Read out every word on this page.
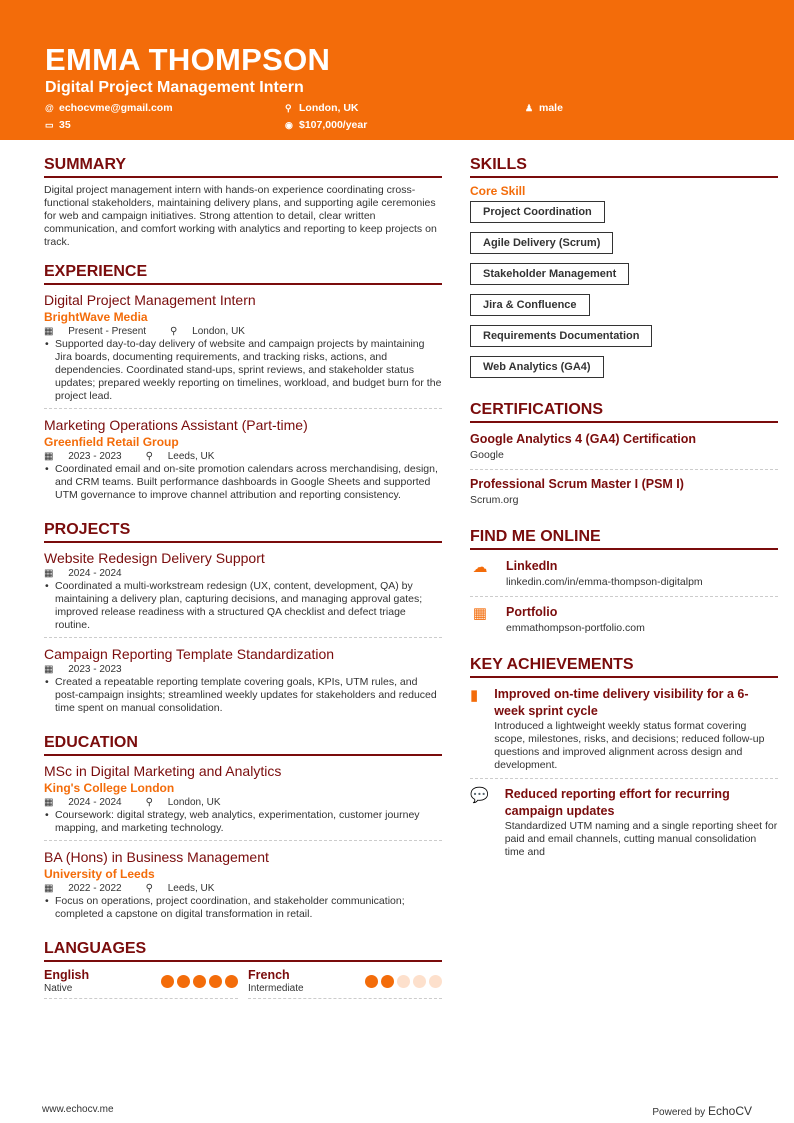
EMMA THOMPSON
Digital Project Management Intern
@ echocvme@gmail.com	⚲ London, UK	♟ male
▭ 35	◉ $107,000/year
SUMMARY
Digital project management intern with hands-on experience coordinating cross-functional stakeholders, maintaining delivery plans, and supporting agile ceremonies for web and campaign initiatives. Strong attention to detail, clear written communication, and comfort working with analytics and reporting to keep projects on track.
EXPERIENCE
Digital Project Management Intern
BrightWave Media
▦ Present - Present ⚲ London, UK
• Supported day-to-day delivery of website and campaign projects by maintaining Jira boards, documenting requirements, and tracking risks, actions, and dependencies. Coordinated stand-ups, sprint reviews, and stakeholder status updates; prepared weekly reporting on timelines, workload, and budget burn for the project lead.
Marketing Operations Assistant (Part-time)
Greenfield Retail Group
▦ 2023 - 2023 ⚲ Leeds, UK
• Coordinated email and on-site promotion calendars across merchandising, design, and CRM teams. Built performance dashboards in Google Sheets and supported UTM governance to improve channel attribution and reporting consistency.
PROJECTS
Website Redesign Delivery Support
▦ 2024 - 2024
• Coordinated a multi-workstream redesign (UX, content, development, QA) by maintaining a delivery plan, capturing decisions, and managing approval gates; improved release readiness with a structured QA checklist and defect triage routine.
Campaign Reporting Template Standardization
▦ 2023 - 2023
• Created a repeatable reporting template covering goals, KPIs, UTM rules, and post-campaign insights; streamlined weekly updates for stakeholders and reduced time spent on manual consolidation.
EDUCATION
MSc in Digital Marketing and Analytics
King's College London
▦ 2024 - 2024 ⚲ London, UK
• Coursework: digital strategy, web analytics, experimentation, customer journey mapping, and marketing technology.
BA (Hons) in Business Management
University of Leeds
▦ 2022 - 2022 ⚲ Leeds, UK
• Focus on operations, project coordination, and stakeholder communication; completed a capstone on digital transformation in retail.
LANGUAGES
English
Native
French
Intermediate
SKILLS
Core Skill
Project Coordination
Agile Delivery (Scrum)
Stakeholder Management
Jira & Confluence
Requirements Documentation
Web Analytics (GA4)
CERTIFICATIONS
Google Analytics 4 (GA4) Certification
Google
Professional Scrum Master I (PSM I)
Scrum.org
FIND ME ONLINE
☁ LinkedIn
linkedin.com/in/emma-thompson-digitalpm
▦ Portfolio
emmathompson-portfolio.com
KEY ACHIEVEMENTS
▮ Improved on-time delivery visibility for a 6-week sprint cycle
Introduced a lightweight weekly status format covering scope, milestones, risks, and decisions; reduced follow-up questions and improved alignment across design and development.
💬 Reduced reporting effort for recurring campaign updates
Standardized UTM naming and a single reporting sheet for paid and email channels, cutting manual consolidation time and
www.echocv.me	Powered by EchoCV
